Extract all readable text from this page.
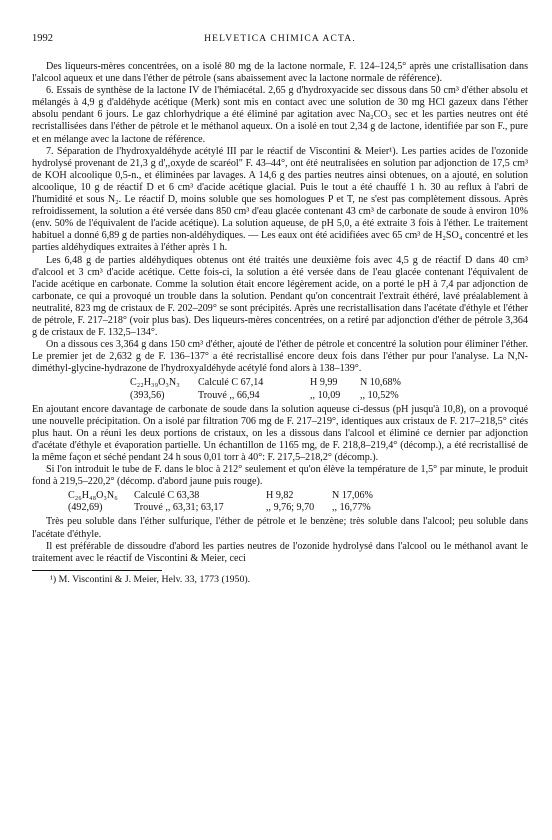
1992	HELVETICA CHIMICA ACTA.

Des liqueurs-mères concentrées, on a isolé 80 mg de la lactone normale, F. 124–124,5° après une cristallisation dans l'alcool aqueux et une dans l'éther de pétrole (sans abaissement avec la lactone normale de référence).

6. Essais de synthèse de la lactone IV de l'hémiacétal. 2,65 g d'hydroxyacide sec dissous dans 50 cm³ d'éther absolu et mélangés à 4,9 g d'aldéhyde acétique (Merk) sont mis en contact avec une solution de 30 mg HCl gazeux dans l'éther absolu pendant 6 jours. Le gaz chlorhydrique a été éliminé par agitation avec Na₂CO₃ sec et les parties neutres ont été recristallisées dans l'éther de pétrole et le méthanol aqueux. On a isolé en tout 2,34 g de lactone, identifiée par son F., pure et en mélange avec la lactone de référence.

7. Séparation de l'hydroxyaldéhyde acétylé III par le réactif de Viscontini & Meier¹). Les parties acides de l'ozonide hydrolysé provenant de 21,3 g d',,oxyde de scaréol" F. 43–44°, ont été neutralisées en solution par adjonction de 17,5 cm³ de KOH alcoolique 0,5-n., et éliminées par lavages. A 14,6 g des parties neutres ainsi obtenues, on a ajouté, en solution alcoolique, 10 g de réactif D et 6 cm³ d'acide acétique glacial. Puis le tout a été chauffé 1 h. 30 au reflux à l'abri de l'humidité et sous N₂. Le réactif D, moins soluble que ses homologues P et T, ne s'est pas complètement dissous. Après refroidissement, la solution a été versée dans 850 cm³ d'eau glacée contenant 43 cm³ de carbonate de soude à environ 10% (env. 50% de l'équivalent de l'acide acétique). La solution aqueuse, de pH 5,0, a été extraite 3 fois à l'éther. Le traitement habituel a donné 6,89 g de parties non-aldéhydiques. — Les eaux ont été acidifiées avec 65 cm³ de H₂SO₄ concentré et les parties aldéhydiques extraites à l'éther après 1 h.

Les 6,48 g de parties aldéhydiques obtenus ont été traités une deuxième fois avec 4,5 g de réactif D dans 40 cm³ d'alcool et 3 cm³ d'acide acétique. Cette fois-ci, la solution a été versée dans de l'eau glacée contenant l'équivalent de l'acide acétique en carbonate. Comme la solution était encore légèrement acide, on a porté le pH à 7,4 par adjonction de carbonate, ce qui a provoqué un trouble dans la solution. Pendant qu'on concentrait l'extrait éthéré, lavé préalablement à neutralité, 823 mg de cristaux de F. 202–209° se sont précipités. Après une recristallisation dans l'acétate d'éthyle et l'éther de pétrole, F. 217–218° (voir plus bas). Des liqueurs-mères concentrées, on a retiré par adjonction d'éther de pétrole 3,364 g de cristaux de F. 132,5–134°.

On a dissous ces 3,364 g dans 150 cm³ d'éther, ajouté de l'éther de pétrole et concentré la solution pour éliminer l'éther. Le premier jet de 2,632 g de F. 136–137° a été recristallisé encore deux fois dans l'éther pur pour l'analyse. La N,N-diméthyl-glycine-hydrazone de l'hydroxyaldéhyde acétylé fond alors à 138–139°.

C₂₂H₃₉O₃N₃	Calculé C 67,14	H 9,99	N 10,68%
(393,56)	Trouvé ,, 66,94	,, 10,09	,, 10,52%

En ajoutant encore davantage de carbonate de soude dans la solution aqueuse ci-dessus (pH jusqu'à 10,8), on a provoqué une nouvelle précipitation. On a isolé par filtration 706 mg de F. 217–219°, identiques aux cristaux de F. 217–218,5° cités plus haut. On a réuni les deux portions de cristaux, on les a dissous dans l'alcool et éliminé ce dernier par adjonction d'acétate d'éthyle et évaporation partielle. Un échantillon de 1165 mg, de F. 218,8–219,4° (décomp.), a été recristallisé de la même façon et séché pendant 24 h sous 0,01 torr à 40°: F. 217,5–218,2° (décomp.).

Si l'on introduit le tube de F. dans le bloc à 212° seulement et qu'on élève la température de 1,5° par minute, le produit fond à 219,5–220,2° (décomp. d'abord jaune puis rouge).

C₂₆H₄₈O₃N₆	Calculé C 63,38	H 9,82	N 17,06%
(492,69)	Trouvé ,, 63,31; 63,17	,, 9,76; 9,70	,, 16,77%

Très peu soluble dans l'éther sulfurique, l'éther de pétrole et le benzène; très soluble dans l'alcool; peu soluble dans l'acétate d'éthyle.

Il est préférable de dissoudre d'abord les parties neutres de l'ozonide hydrolysé dans l'alcool ou le méthanol avant le traitement avec le réactif de Viscontini & Meier, ceci

¹) M. Viscontini & J. Meier, Helv. 33, 1773 (1950).
